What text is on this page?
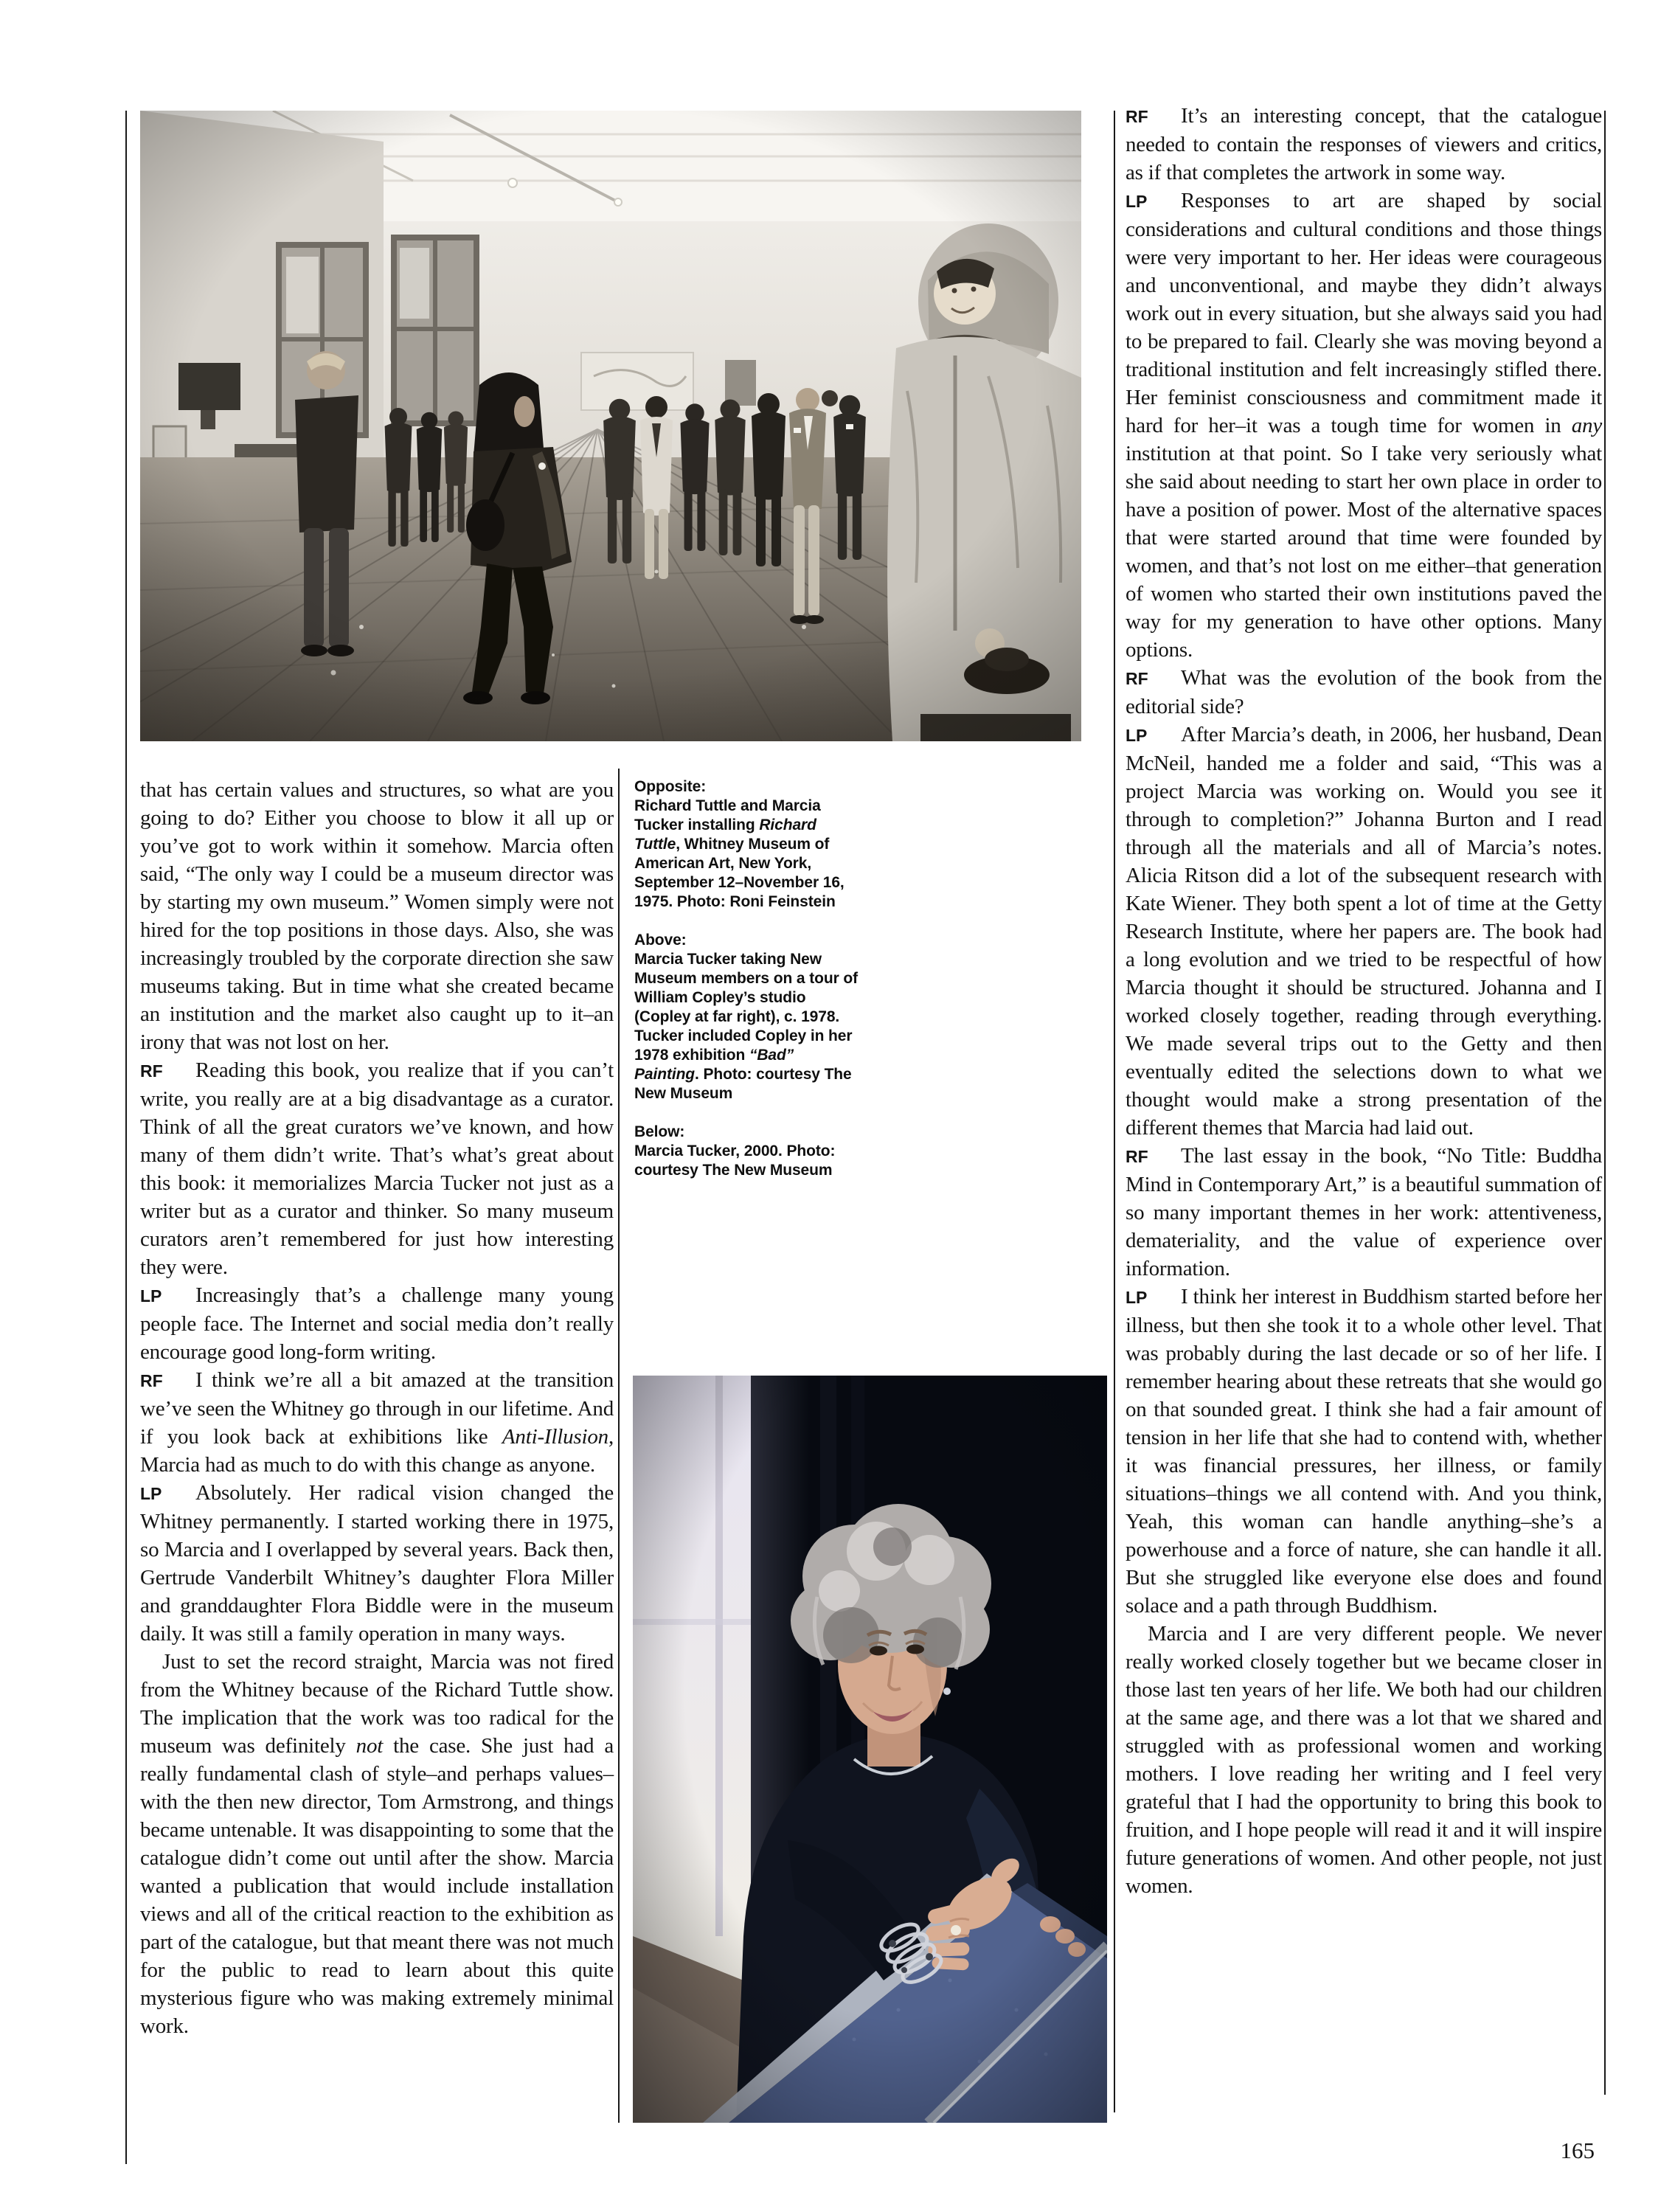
that has certain values and structures, so what are you going to do? Either you choose to blow it all up or you’ve got to work within it somehow. Marcia often said, “The only way I could be a museum director was by starting my own museum.” Women simply were not hired for the top positions in those days. Also, she was increasingly troubled by the corporate direction she saw museums taking. But in time what she created became an institution and the market also caught up to it–an irony that was not lost on her.

RF Reading this book, you realize that if you can’t write, you really are at a big disadvantage as a curator. Think of all the great curators we’ve known, and how many of them didn’t write. That’s what’s great about this book: it memorializes Marcia Tucker not just as a writer but as a curator and thinker. So many museum curators aren’t remembered for just how interesting they were.

LP Increasingly that’s a challenge many young people face. The Internet and social media don’t really encourage good long-form writing.

RF I think we’re all a bit amazed at the transition we’ve seen the Whitney go through in our lifetime. And if you look back at exhibitions like Anti-Illusion, Marcia had as much to do with this change as anyone.

LP Absolutely. Her radical vision changed the Whitney permanently. I started working there in 1975, so Marcia and I overlapped by several years. Back then, Gertrude Vanderbilt Whitney’s daughter Flora Miller and granddaughter Flora Biddle were in the museum daily. It was still a family operation in many ways.

Just to set the record straight, Marcia was not fired from the Whitney because of the Richard Tuttle show. The implication that the work was too radical for the museum was definitely not the case. She just had a really fundamental clash of style–and perhaps values–with the then new director, Tom Armstrong, and things became untenable. It was disappointing to some that the catalogue didn’t come out until after the show. Marcia wanted a publication that would include installation views and all of the critical reaction to the exhibition as part of the catalogue, but that meant there was not much for the public to read to learn about this quite mysterious figure who was making extremely minimal work.

Opposite:
Richard Tuttle and Marcia Tucker installing Richard Tuttle, Whitney Museum of American Art, New York, September 12–November 16, 1975. Photo: Roni Feinstein
Above:
Marcia Tucker taking New Museum members on a tour of William Copley’s studio (Copley at far right), c. 1978. Tucker included Copley in her 1978 exhibition “Bad” Painting. Photo: courtesy The New Museum
Below:
Marcia Tucker, 2000. Photo: courtesy The New Museum

RF It’s an interesting concept, that the catalogue needed to contain the responses of viewers and critics, as if that completes the artwork in some way.

LP Responses to art are shaped by social considerations and cultural conditions and those things were very important to her. Her ideas were courageous and unconventional, and maybe they didn’t always work out in every situation, but she always said you had to be prepared to fail. Clearly she was moving beyond a traditional institution and felt increasingly stifled there. Her feminist consciousness and commitment made it hard for her–it was a tough time for women in any institution at that point. So I take very seriously what she said about needing to start her own place in order to have a position of power. Most of the alternative spaces that were started around that time were founded by women, and that’s not lost on me either–that generation of women who started their own institutions paved the way for my generation to have other options. Many options.

RF What was the evolution of the book from the editorial side?

LP After Marcia’s death, in 2006, her husband, Dean McNeil, handed me a folder and said, “This was a project Marcia was working on. Would you see it through to completion?” Johanna Burton and I read through all the materials and all of Marcia’s notes. Alicia Ritson did a lot of the subsequent research with Kate Wiener. They both spent a lot of time at the Getty Research Institute, where her papers are. The book had a long evolution and we tried to be respectful of how Marcia thought it should be structured. Johanna and I worked closely together, reading through everything. We made several trips out to the Getty and then eventually edited the selections down to what we thought would make a strong presentation of the different themes that Marcia had laid out.

RF The last essay in the book, “No Title: Buddha Mind in Contemporary Art,” is a beautiful summation of so many important themes in her work: attentiveness, demateriality, and the value of experience over information.

LP I think her interest in Buddhism started before her illness, but then she took it to a whole other level. That was probably during the last decade or so of her life. I remember hearing about these retreats that she would go on that sounded great. I think she had a fair amount of tension in her life that she had to contend with, whether it was financial pressures, her illness, or family situations–things we all contend with. And you think, Yeah, this woman can handle anything–she’s a powerhouse and a force of nature, she can handle it all. But she struggled like everyone else does and found solace and a path through Buddhism.

Marcia and I are very different people. We never really worked closely together but we became closer in those last ten years of her life. We both had our children at the same age, and there was a lot that we shared and struggled with as professional women and working mothers. I love reading her writing and I feel very grateful that I had the opportunity to bring this book to fruition, and I hope people will read it and it will inspire future generations of women. And other people, not just women.

165
